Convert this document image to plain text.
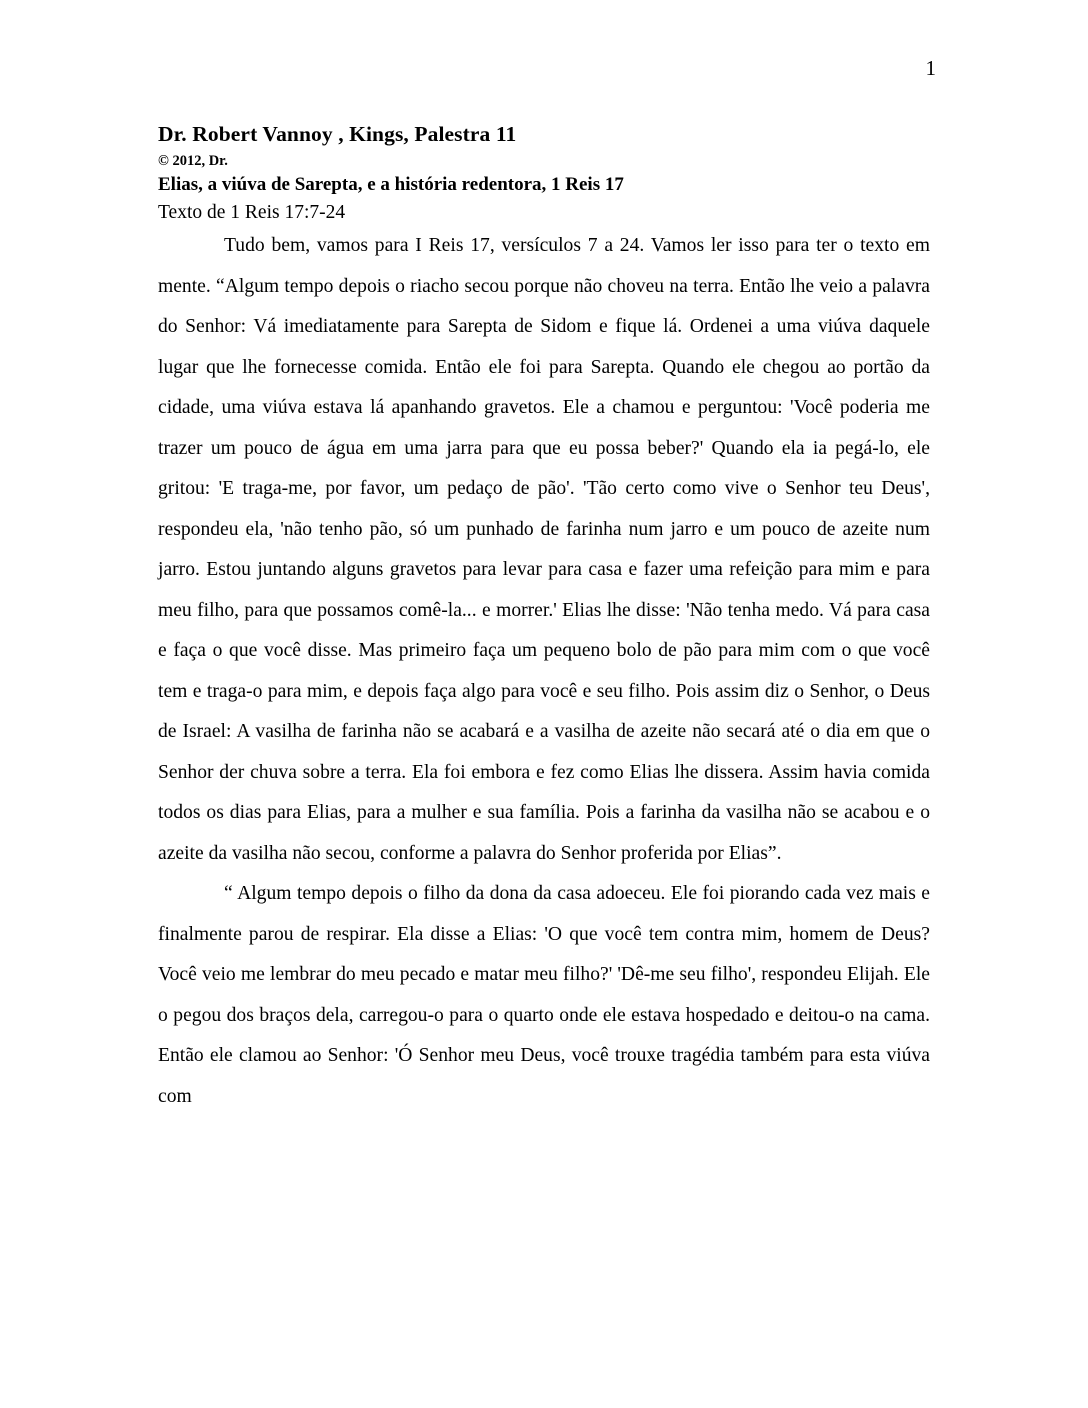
1
Dr. Robert Vannoy , Kings, Palestra 11
© 2012, Dr.
Elias, a viúva de Sarepta, e a história redentora, 1 Reis 17
Texto de 1 Reis 17:7-24

Tudo bem, vamos para I Reis 17, versículos 7 a 24. Vamos ler isso para ter o texto em mente. “Algum tempo depois o riacho secou porque não choveu na terra. Então lhe veio a palavra do Senhor: Vá imediatamente para Sarepta de Sidom e fique lá. Ordenei a uma viúva daquele lugar que lhe fornecesse comida. Então ele foi para Sarepta. Quando ele chegou ao portão da cidade, uma viúva estava lá apanhando gravetos. Ele a chamou e perguntou: 'Você poderia me trazer um pouco de água em uma jarra para que eu possa beber?' Quando ela ia pegá-lo, ele gritou: 'E traga-me, por favor, um pedaço de pão'. 'Tão certo como vive o Senhor teu Deus', respondeu ela, 'não tenho pão, só um punhado de farinha num jarro e um pouco de azeite num jarro. Estou juntando alguns gravetos para levar para casa e fazer uma refeição para mim e para meu filho, para que possamos comê-la... e morrer.' Elias lhe disse: 'Não tenha medo. Vá para casa e faça o que você disse. Mas primeiro faça um pequeno bolo de pão para mim com o que você tem e traga-o para mim, e depois faça algo para você e seu filho. Pois assim diz o Senhor, o Deus de Israel: A vasilha de farinha não se acabará e a vasilha de azeite não secará até o dia em que o Senhor der chuva sobre a terra. Ela foi embora e fez como Elias lhe dissera. Assim havia comida todos os dias para Elias, para a mulher e sua família. Pois a farinha da vasilha não se acabou e o azeite da vasilha não secou, conforme a palavra do Senhor proferida por Elias”.

“ Algum tempo depois o filho da dona da casa adoeceu. Ele foi piorando cada vez mais e finalmente parou de respirar. Ela disse a Elias: 'O que você tem contra mim, homem de Deus? Você veio me lembrar do meu pecado e matar meu filho?' 'Dê-me seu filho', respondeu Elijah. Ele o pegou dos braços dela, carregou-o para o quarto onde ele estava hospedado e deitou-o na cama. Então ele clamou ao Senhor: 'Ó Senhor meu Deus, você trouxe tragédia também para esta viúva com
